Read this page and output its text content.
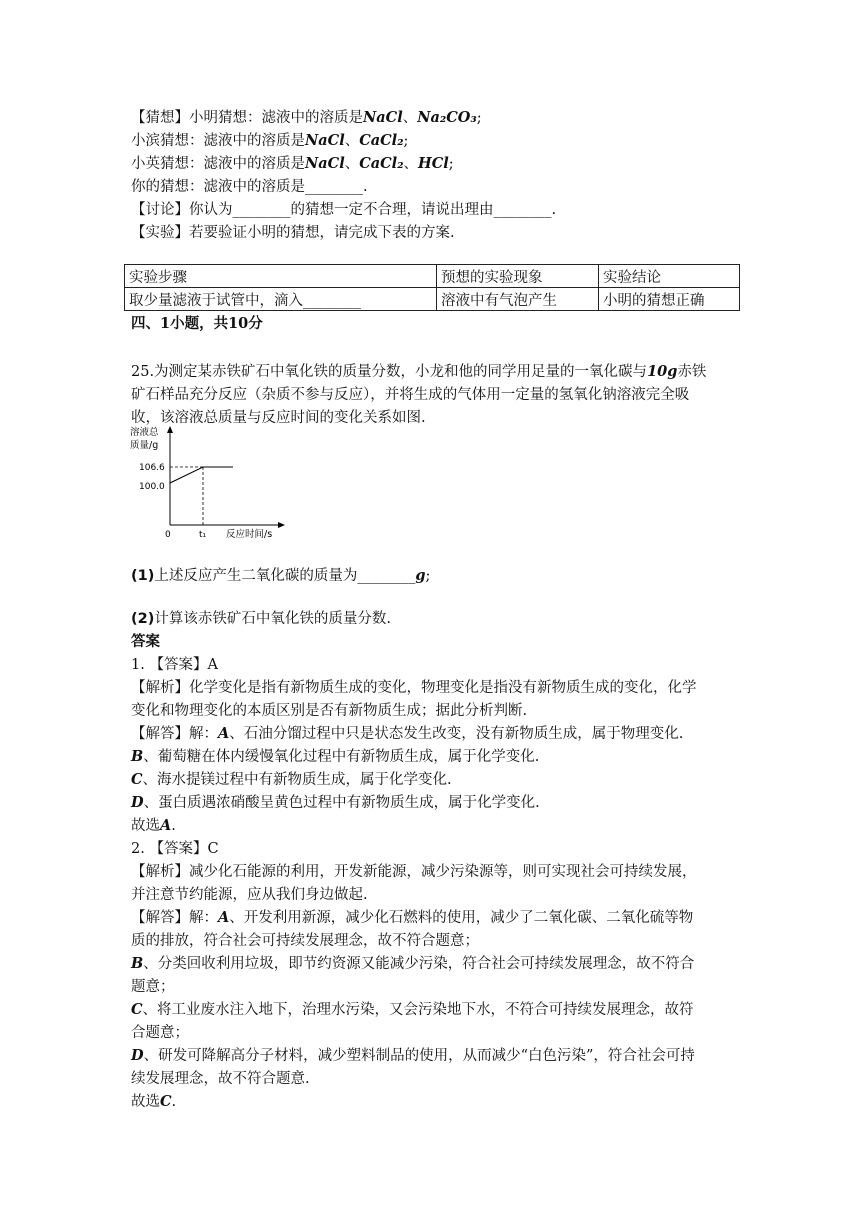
【猜想】小明猜想：滤液中的溶质是NaCl、Na₂CO₃;
小滨猜想：滤液中的溶质是NaCl、CaCl₂;
小英猜想：滤液中的溶质是NaCl、CaCl₂、HCl;
你的猜想：滤液中的溶质是________.
【讨论】你认为________的猜想一定不合理，请说出理由________.
【实验】若要验证小明的猜想，请完成下表的方案.
实验步骤	预想的实验现象	实验结论
取少量滤液于试管中，滴入________	溶液中有气泡产生	小明的猜想正确
四、1小题，共10分
25.为测定某赤铁矿石中氧化铁的质量分数，小龙和他的同学用足量的一氧化碳与10g赤铁
矿石样品充分反应（杂质不参与反应），并将生成的气体用一定量的氢氧化钠溶液完全吸
收，该溶液总质量与反应时间的变化关系如图.
溶液总
质量/g
106.6
100.0
0	t₁ 反应时间/s
(1)上述反应产生二氧化碳的质量为________g;
(2)计算该赤铁矿石中氧化铁的质量分数.
答案
1. 【答案】A
【解析】化学变化是指有新物质生成的变化，物理变化是指没有新物质生成的变化，化学
变化和物理变化的本质区别是否有新物质生成；据此分析判断.
【解答】解：A、石油分馏过程中只是状态发生改变，没有新物质生成，属于物理变化.
B、葡萄糖在体内缓慢氧化过程中有新物质生成，属于化学变化.
C、海水提镁过程中有新物质生成，属于化学变化.
D、蛋白质遇浓硝酸呈黄色过程中有新物质生成，属于化学变化.
故选A.
2. 【答案】C
【解析】减少化石能源的利用，开发新能源，减少污染源等，则可实现社会可持续发展，
并注意节约能源，应从我们身边做起.
【解答】解：A、开发利用新源，减少化石燃料的使用，减少了二氧化碳、二氧化硫等物
质的排放，符合社会可持续发展理念，故不符合题意；
B、分类回收利用垃圾，即节约资源又能减少污染，符合社会可持续发展理念，故不符合
题意；
C、将工业废水注入地下，治理水污染，又会污染地下水，不符合可持续发展理念，故符
合题意；
D、研发可降解高分子材料，减少塑料制品的使用，从而减少“白色污染”，符合社会可持
续发展理念，故不符合题意.
故选C.
